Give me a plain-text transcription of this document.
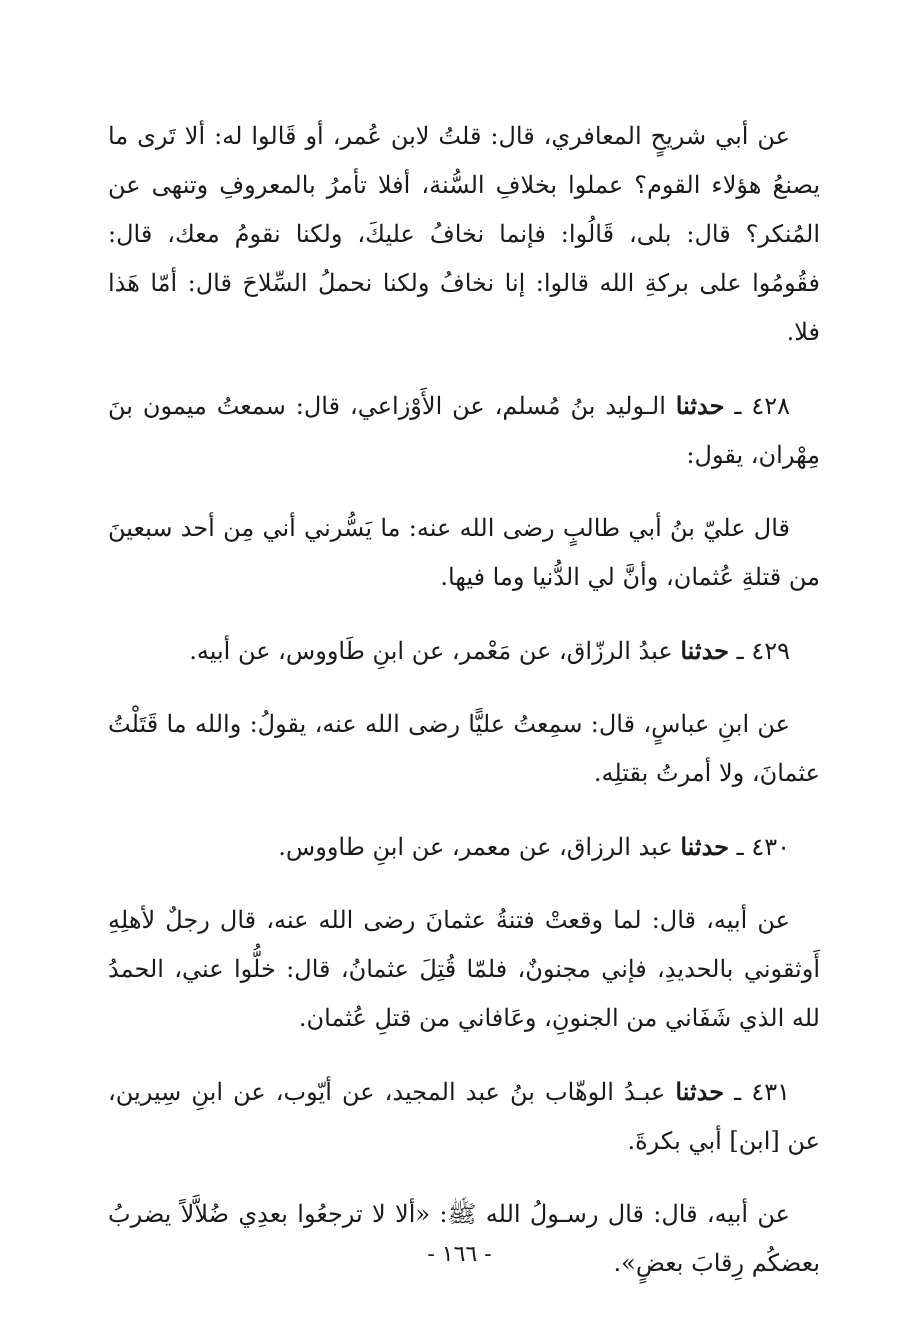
عن أبي شريحٍ المعافري، قال: قلتُ لابن عُمر، أو قَالوا له: ألا تَرى ما يصنعُ هؤلاء القوم؟ عملوا بخلافِ السُّنة، أفلا تأمرُ بالمعروفِ وتنهى عن المُنكر؟ قال: بلى، قَالُوا: فإنما نخافُ عليكَ، ولكنا نقومُ معك، قال: فقُومُوا على بركةِ الله قالوا: إنا نخافُ ولكنا نحملُ السِّلاحَ قال: أمّا هَذا فلا.

٤٢٨ ـ حدثنا الـوليد بنُ مُسلم، عن الأَوْزاعي، قال: سمعتُ ميمون بنَ مِهْران، يقول:

قال عليّ بنُ أبي طالبٍ رضى الله عنه: ما يَسُّرني أني مِن أحد سبعينَ من قتلةِ عُثمان، وأنَّ لي الدُّنيا وما فيها.

٤٢٩ ـ حدثنا عبدُ الرزّاق، عن مَعْمر، عن ابنِ طَاووس، عن أبيه.

عن ابنِ عباسٍ، قال: سمِعتُ عليًّا رضى الله عنه، يقولُ: والله ما قَتَلْتُ عثمانَ، ولا أمرتُ بقتلِه.

٤٣٠ ـ حدثنا عبد الرزاق، عن معمر، عن ابنِ طاووس.

عن أبيه، قال: لما وقعتْ فتنةُ عثمانَ رضى الله عنه، قال رجلٌ لأهلِهِ أَوثقوني بالحديدِ، فإني مجنونٌ، فلمّا قُتِلَ عثمانُ، قال: خلُّوا عني، الحمدُ لله الذي شَفَاني من الجنونِ، وعَافاني من قتلِ عُثمان.

٤٣١ ـ حدثنا عبـدُ الوهّاب بنُ عبد المجيد، عن أيّوب، عن ابنِ سِيرين، عن [ابن] أبي بكرةَ.

عن أبيه، قال: قال رسـولُ الله ﷺ: «ألا لا ترجعُوا بعدِي ضُلاَّلاً يضربُ بعضكُم رِقابَ بعضٍ».

- ١٦٦ -
